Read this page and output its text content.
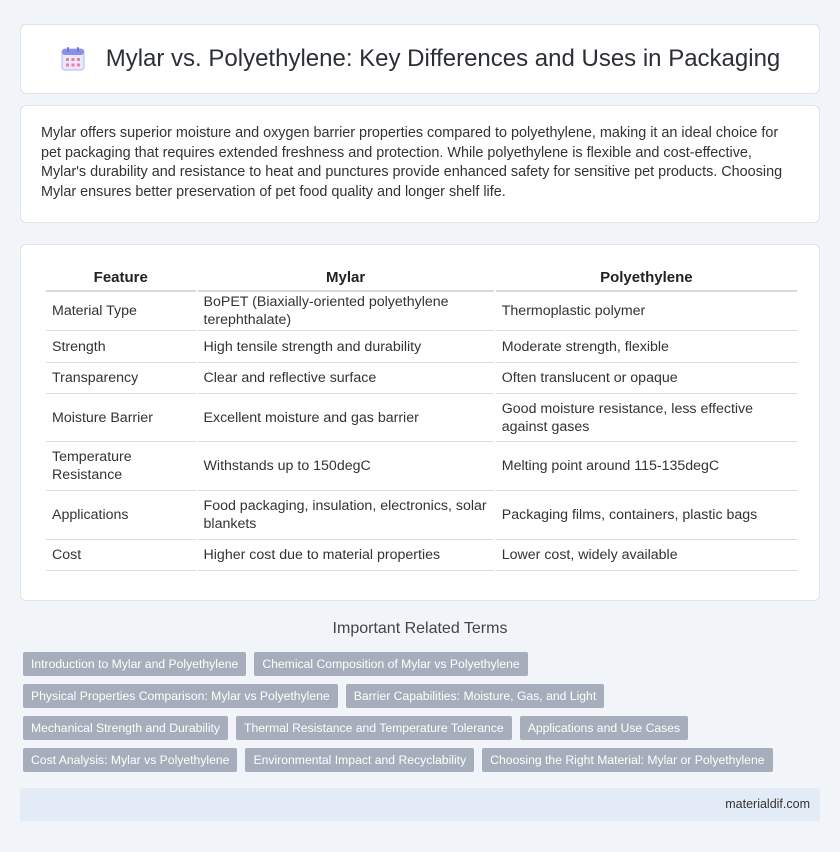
Mylar vs. Polyethylene: Key Differences and Uses in Packaging

Mylar offers superior moisture and oxygen barrier properties compared to polyethylene, making it an ideal choice for pet packaging that requires extended freshness and protection. While polyethylene is flexible and cost-effective, Mylar's durability and resistance to heat and punctures provide enhanced safety for sensitive pet products. Choosing Mylar ensures better preservation of pet food quality and longer shelf life.

Feature	Mylar	Polyethylene
Material Type	BoPET (Biaxially-oriented polyethylene terephthalate)	Thermoplastic polymer
Strength	High tensile strength and durability	Moderate strength, flexible
Transparency	Clear and reflective surface	Often translucent or opaque
Moisture Barrier	Excellent moisture and gas barrier	Good moisture resistance, less effective against gases
Temperature Resistance	Withstands up to 150degC	Melting point around 115-135degC
Applications	Food packaging, insulation, electronics, solar blankets	Packaging films, containers, plastic bags
Cost	Higher cost due to material properties	Lower cost, widely available
Important Related Terms
Introduction to Mylar and Polyethylene	Chemical Composition of Mylar vs Polyethylene
Physical Properties Comparison: Mylar vs Polyethylene	Barrier Capabilities: Moisture, Gas, and Light
Mechanical Strength and Durability	Thermal Resistance and Temperature Tolerance	Applications and Use Cases
Cost Analysis: Mylar vs Polyethylene	Environmental Impact and Recyclability	Choosing the Right Material: Mylar or Polyethylene
materialdif.com
